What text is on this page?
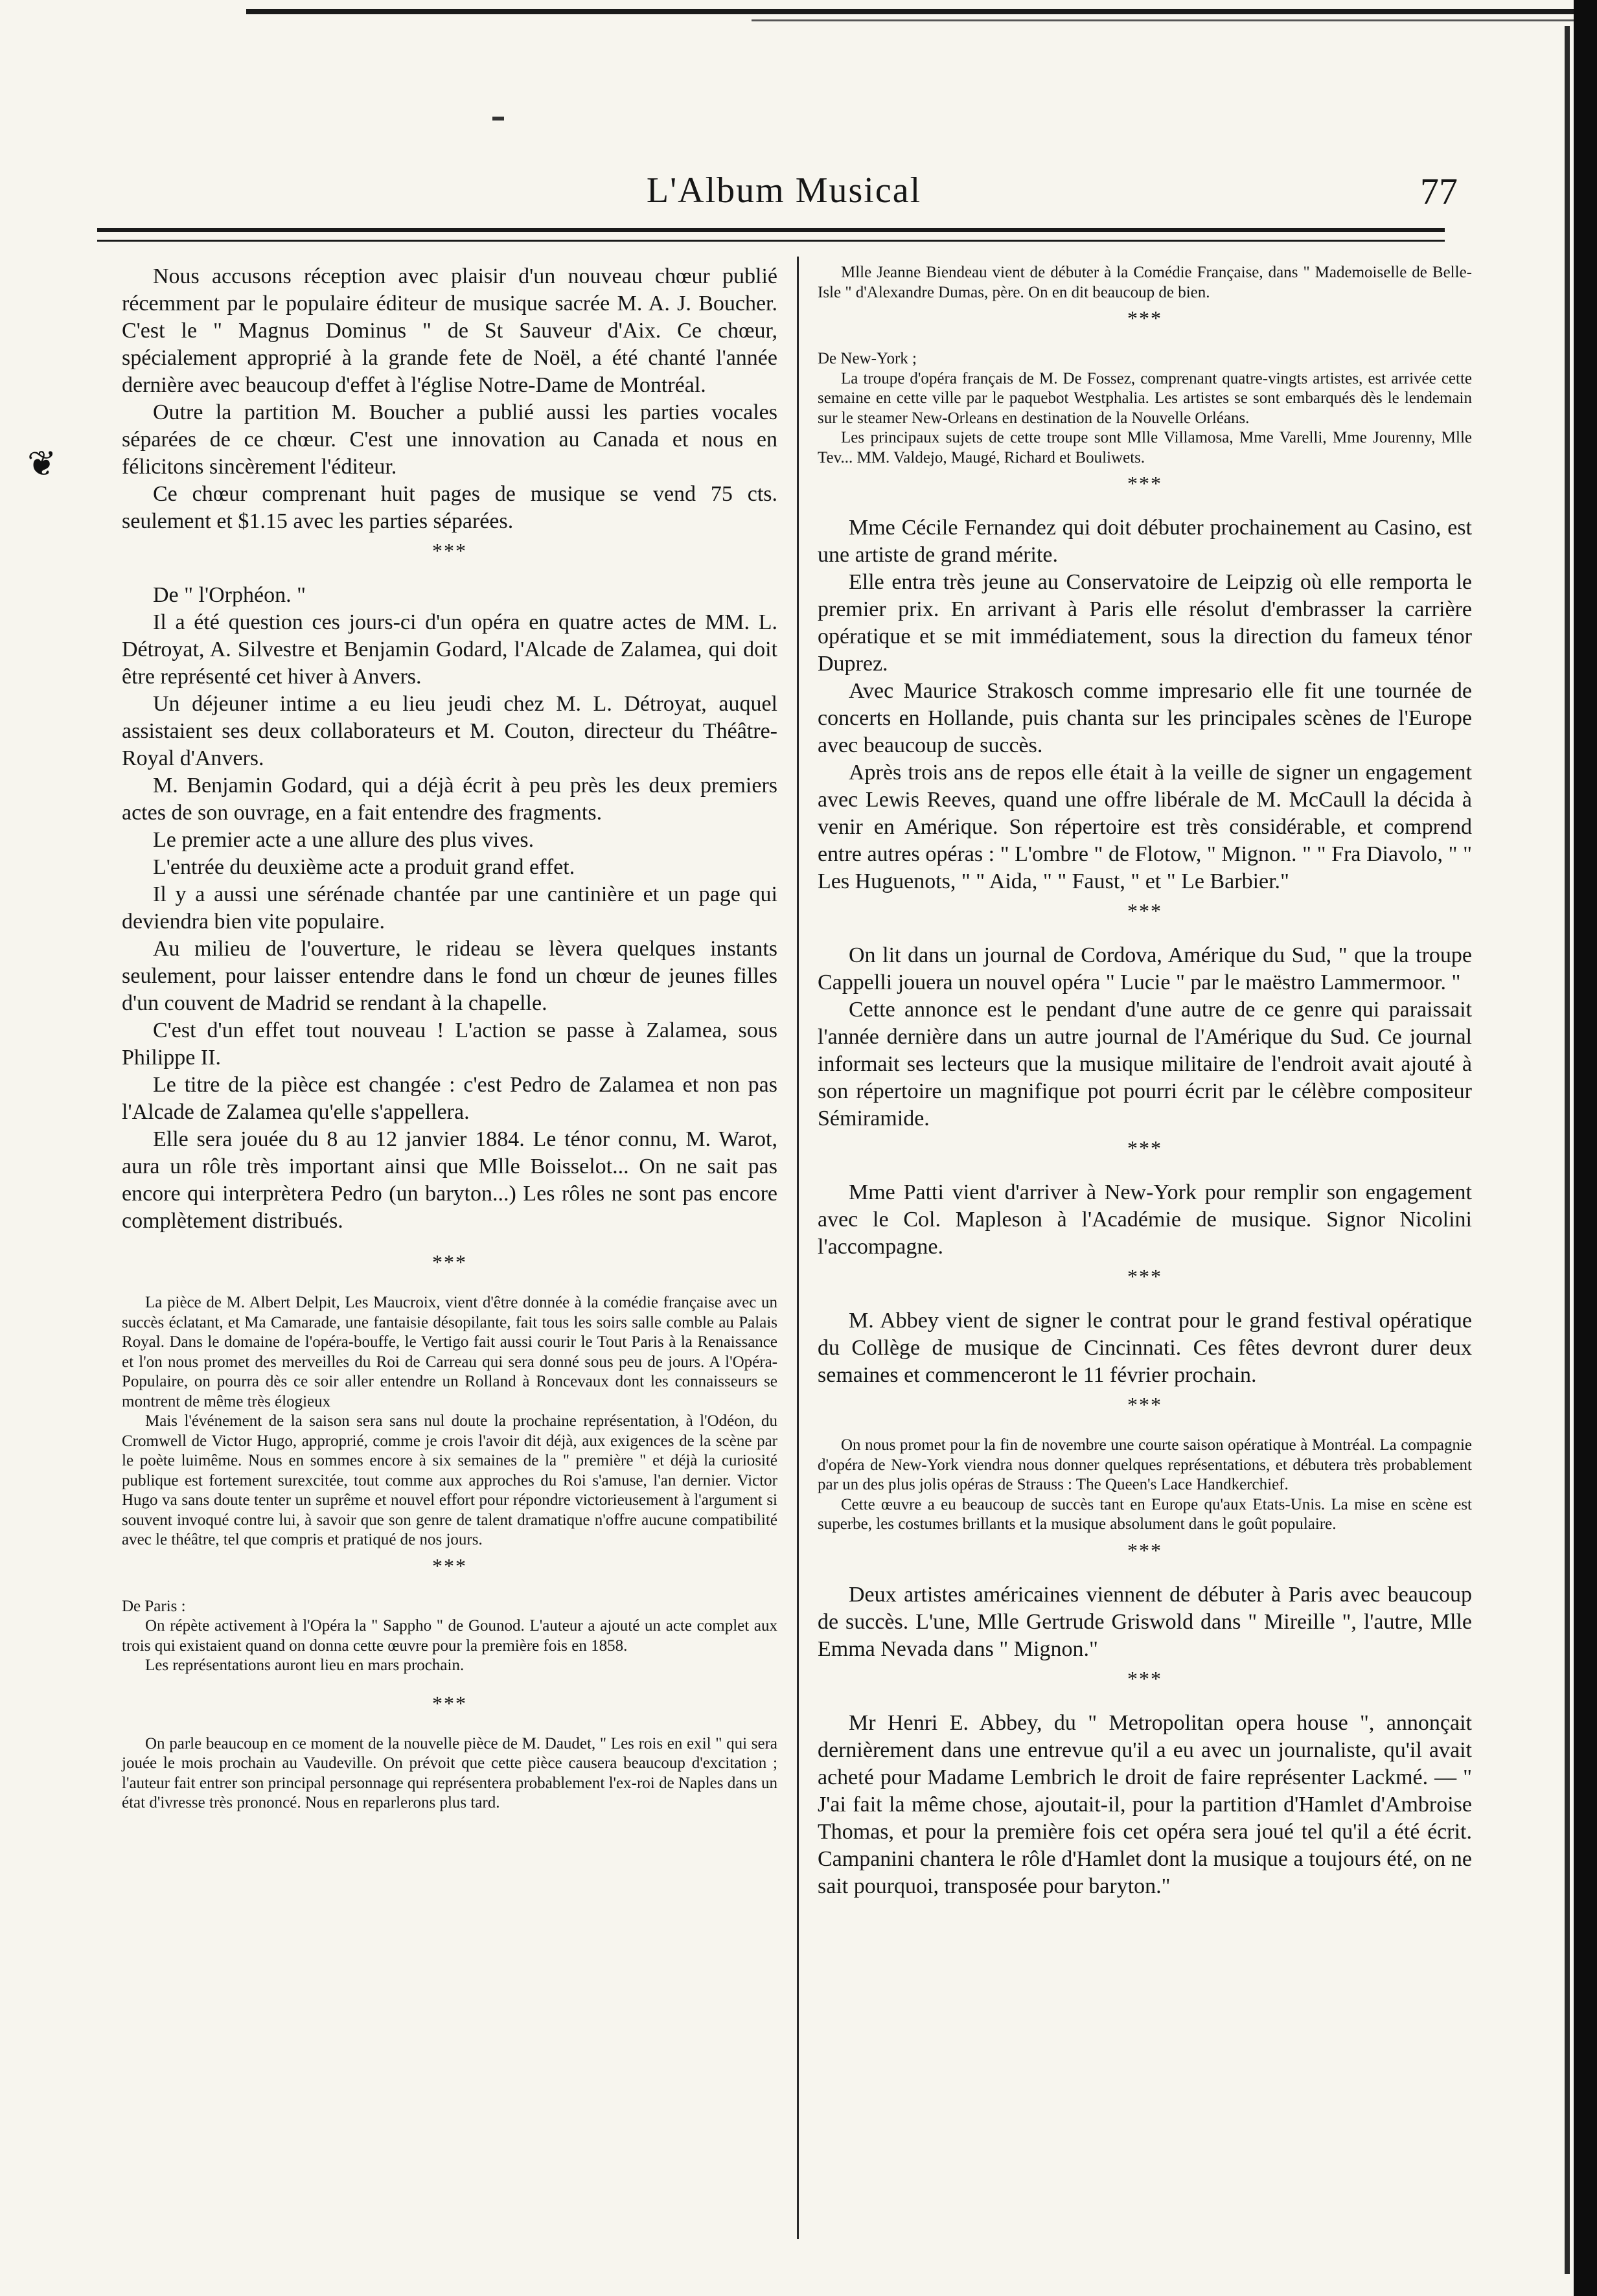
❦
L'Album Musical	77

Nous accusons réception avec plaisir d'un nouveau chœur publié récemment par le populaire éditeur de musique sacrée M. A. J. Boucher. C'est le " Magnus Dominus " de St Sauveur d'Aix. Ce chœur, spécialement approprié à la grande fete de Noël, a été chanté l'année dernière avec beaucoup d'effet à l'église Notre-Dame de Montréal.

Outre la partition M. Boucher a publié aussi les parties vocales séparées de ce chœur. C'est une innovation au Canada et nous en félicitons sincèrement l'éditeur.

Ce chœur comprenant huit pages de musique se vend 75 cts. seulement et $1.15 avec les parties séparées.

***

De " l'Orphéon. "

Il a été question ces jours-ci d'un opéra en quatre actes de MM. L. Détroyat, A. Silvestre et Benjamin Godard, l'Alcade de Zalamea, qui doit être représenté cet hiver à Anvers.

Un déjeuner intime a eu lieu jeudi chez M. L. Détroyat, auquel assistaient ses deux collaborateurs et M. Couton, directeur du Théâtre-Royal d'Anvers.

M. Benjamin Godard, qui a déjà écrit à peu près les deux premiers actes de son ouvrage, en a fait entendre des fragments.

Le premier acte a une allure des plus vives.

L'entrée du deuxième acte a produit grand effet.

Il y a aussi une sérénade chantée par une cantinière et un page qui deviendra bien vite populaire.

Au milieu de l'ouverture, le rideau se lèvera quelques instants seulement, pour laisser entendre dans le fond un chœur de jeunes filles d'un couvent de Madrid se rendant à la chapelle.

C'est d'un effet tout nouveau ! L'action se passe à Zalamea, sous Philippe II.

Le titre de la pièce est changée : c'est Pedro de Zalamea et non pas l'Alcade de Zalamea qu'elle s'appellera.

Elle sera jouée du 8 au 12 janvier 1884. Le ténor connu, M. Warot, aura un rôle très important ainsi que Mlle Boisselot... On ne sait pas encore qui interprètera Pedro (un baryton...) Les rôles ne sont pas encore complètement distribués.

***

La pièce de M. Albert Delpit, Les Maucroix, vient d'être donnée à la comédie française avec un succès éclatant, et Ma Camarade, une fantaisie désopilante, fait tous les soirs salle comble au Palais Royal. Dans le domaine de l'opéra-bouffe, le Vertigo fait aussi courir le Tout Paris à la Renaissance et l'on nous promet des merveilles du Roi de Carreau qui sera donné sous peu de jours. A l'Opéra-Populaire, on pourra dès ce soir aller entendre un Rolland à Roncevaux dont les connaisseurs se montrent de même très élogieux

Mais l'événement de la saison sera sans nul doute la prochaine représentation, à l'Odéon, du Cromwell de Victor Hugo, approprié, comme je crois l'avoir dit déjà, aux exigences de la scène par le poète luimême. Nous en sommes encore à six semaines de la " première " et déjà la curiosité publique est fortement surexcitée, tout comme aux approches du Roi s'amuse, l'an dernier. Victor Hugo va sans doute tenter un suprême et nouvel effort pour répondre victorieusement à l'argument si souvent invoqué contre lui, à savoir que son genre de talent dramatique n'offre aucune compatibilité avec le théâtre, tel que compris et pratiqué de nos jours.

***

De Paris :

On répète activement à l'Opéra la " Sappho " de Gounod. L'auteur a ajouté un acte complet aux trois qui existaient quand on donna cette œuvre pour la première fois en 1858.

Les représentations auront lieu en mars prochain.

***

On parle beaucoup en ce moment de la nouvelle pièce de M. Daudet, " Les rois en exil " qui sera jouée le mois prochain au Vaudeville. On prévoit que cette pièce causera beaucoup d'excitation ; l'auteur fait entrer son principal personnage qui représentera probablement l'ex-roi de Naples dans un état d'ivresse très prononcé. Nous en reparlerons plus tard.

Mlle Jeanne Biendeau vient de débuter à la Comédie Française, dans " Mademoiselle de Belle-Isle " d'Alexandre Dumas, père. On en dit beaucoup de bien.

***

De New-York ;

La troupe d'opéra français de M. De Fossez, comprenant quatre-vingts artistes, est arrivée cette semaine en cette ville par le paquebot Westphalia. Les artistes se sont embarqués dès le lendemain sur le steamer New-Orleans en destination de la Nouvelle Orléans.

Les principaux sujets de cette troupe sont Mlle Villamosa, Mme Varelli, Mme Jourenny, Mlle Tev... MM. Valdejo, Maugé, Richard et Bouliwets.

***

Mme Cécile Fernandez qui doit débuter prochainement au Casino, est une artiste de grand mérite.

Elle entra très jeune au Conservatoire de Leipzig où elle remporta le premier prix. En arrivant à Paris elle résolut d'embrasser la carrière opératique et se mit immédiatement, sous la direction du fameux ténor Duprez.

Avec Maurice Strakosch comme impresario elle fit une tournée de concerts en Hollande, puis chanta sur les principales scènes de l'Europe avec beaucoup de succès.

Après trois ans de repos elle était à la veille de signer un engagement avec Lewis Reeves, quand une offre libérale de M. McCaull la décida à venir en Amérique. Son répertoire est très considérable, et comprend entre autres opéras : " L'ombre " de Flotow, " Mignon. " " Fra Diavolo, " " Les Huguenots, " " Aida, " " Faust, " et " Le Barbier."

***

On lit dans un journal de Cordova, Amérique du Sud, " que la troupe Cappelli jouera un nouvel opéra " Lucie " par le maëstro Lammermoor. "

Cette annonce est le pendant d'une autre de ce genre qui paraissait l'année dernière dans un autre journal de l'Amérique du Sud. Ce journal informait ses lecteurs que la musique militaire de l'endroit avait ajouté à son répertoire un magnifique pot pourri écrit par le célèbre compositeur Sémiramide.

***

Mme Patti vient d'arriver à New-York pour remplir son engagement avec le Col. Mapleson à l'Académie de musique. Signor Nicolini l'accompagne.

***

M. Abbey vient de signer le contrat pour le grand festival opératique du Collège de musique de Cincinnati. Ces fêtes devront durer deux semaines et commenceront le 11 février prochain.

***

On nous promet pour la fin de novembre une courte saison opératique à Montréal. La compagnie d'opéra de New-York viendra nous donner quelques représentations, et débutera très probablement par un des plus jolis opéras de Strauss : The Queen's Lace Handkerchief.

Cette œuvre a eu beaucoup de succès tant en Europe qu'aux Etats-Unis. La mise en scène est superbe, les costumes brillants et la musique absolument dans le goût populaire.

***

Deux artistes américaines viennent de débuter à Paris avec beaucoup de succès. L'une, Mlle Gertrude Griswold dans " Mireille ", l'autre, Mlle Emma Nevada dans " Mignon."

***

Mr Henri E. Abbey, du " Metropolitan opera house ", annonçait dernièrement dans une entrevue qu'il a eu avec un journaliste, qu'il avait acheté pour Madame Lembrich le droit de faire représenter Lackmé. — " J'ai fait la même chose, ajoutait-il, pour la partition d'Hamlet d'Ambroise Thomas, et pour la première fois cet opéra sera joué tel qu'il a été écrit. Campanini chantera le rôle d'Hamlet dont la musique a toujours été, on ne sait pourquoi, transposée pour baryton."
